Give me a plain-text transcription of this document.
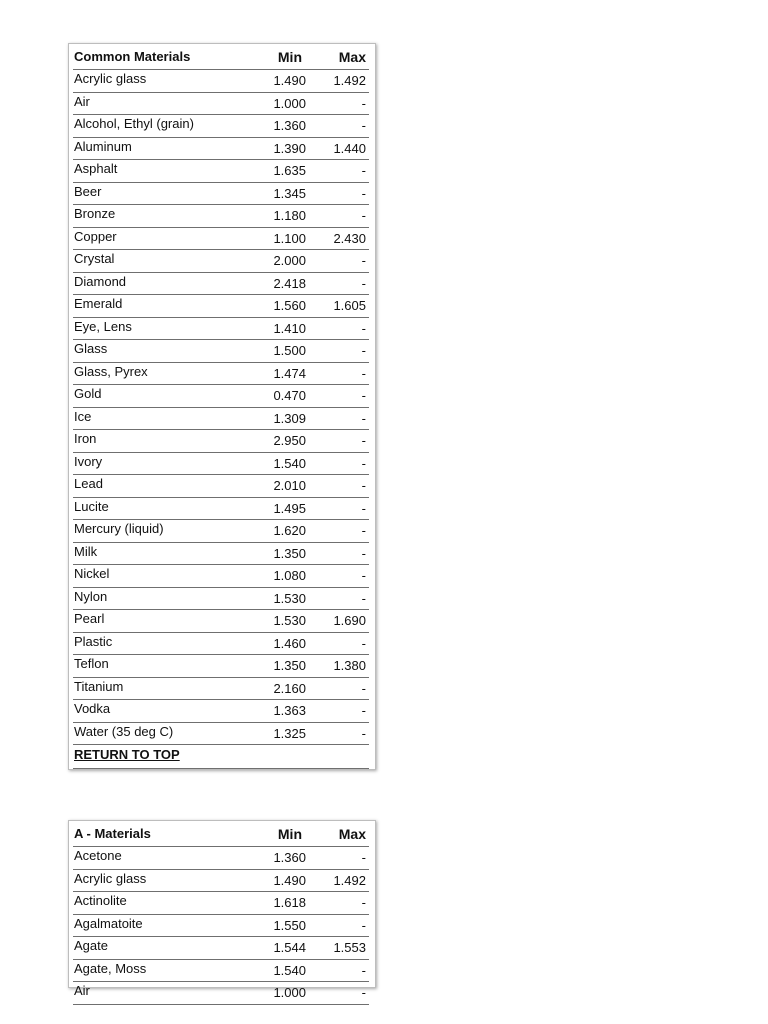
Common Materials	Min	Max
Acrylic glass	1.490	1.492
Air	1.000	-
Alcohol, Ethyl (grain)	1.360	-
Aluminum	1.390	1.440
Asphalt	1.635	-
Beer	1.345	-
Bronze	1.180	-
Copper	1.100	2.430
Crystal	2.000	-
Diamond	2.418	-
Emerald	1.560	1.605
Eye, Lens	1.410	-
Glass	1.500	-
Glass, Pyrex	1.474	-
Gold	0.470	-
Ice	1.309	-
Iron	2.950	-
Ivory	1.540	-
Lead	2.010	-
Lucite	1.495	-
Mercury (liquid)	1.620	-
Milk	1.350	-
Nickel	1.080	-
Nylon	1.530	-
Pearl	1.530	1.690
Plastic	1.460	-
Teflon	1.350	1.380
Titanium	2.160	-
Vodka	1.363	-
Water (35 deg C)	1.325	-
RETURN TO TOP
A - Materials	Min	Max
Acetone	1.360	-
Acrylic glass	1.490	1.492
Actinolite	1.618	-
Agalmatoite	1.550	-
Agate	1.544	1.553
Agate, Moss	1.540	-
Air	1.000	-
